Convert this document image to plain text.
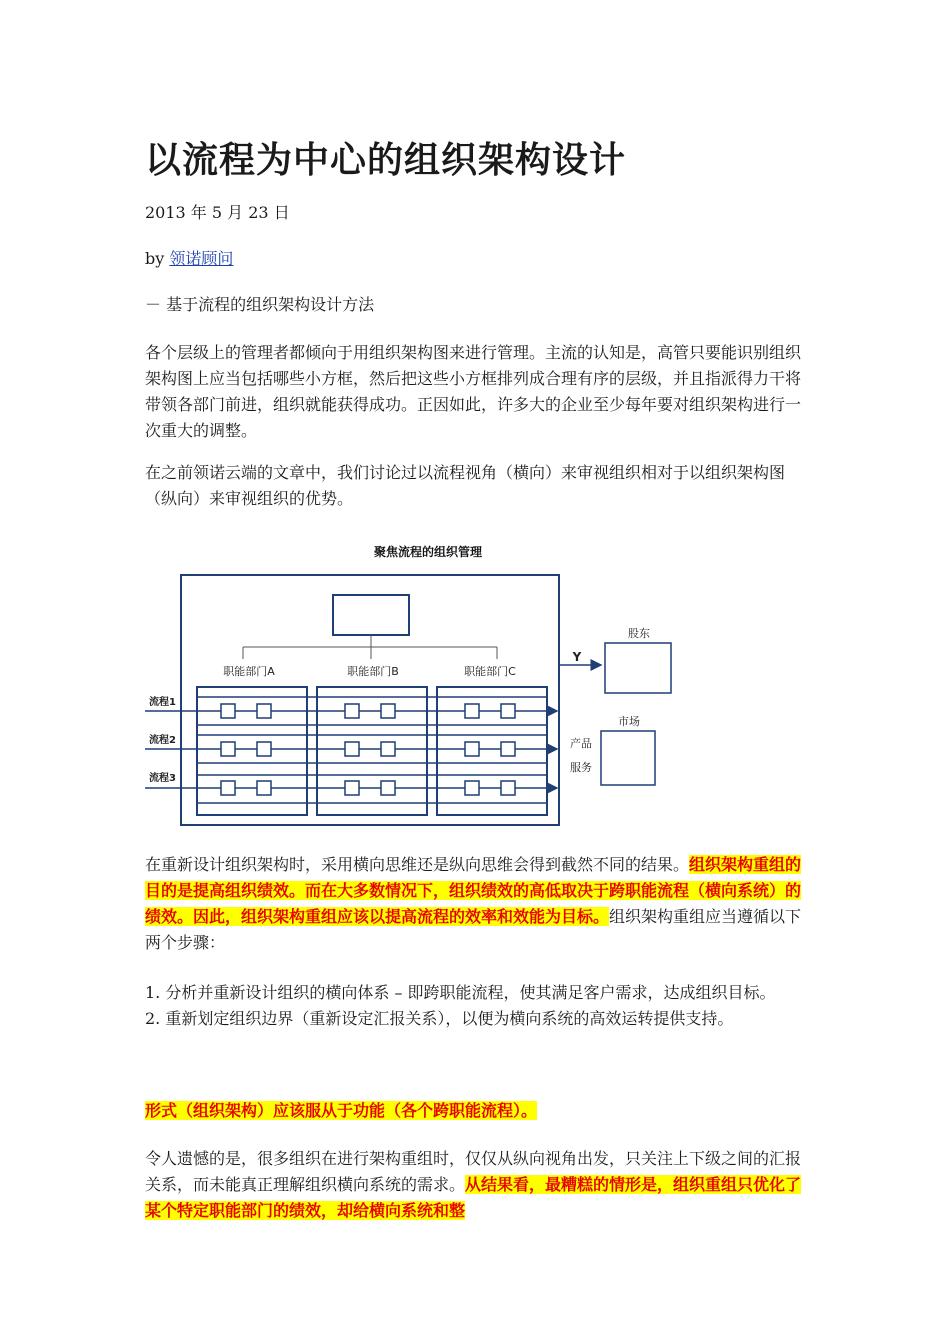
以流程为中心的组织架构设计
2013 年 5 月 23 日
by 领诺顾问
－ 基于流程的组织架构设计方法
各个层级上的管理者都倾向于用组织架构图来进行管理。主流的认知是，高管只要能识别组织架构图上应当包括哪些小方框，然后把这些小方框排列成合理有序的层级，并且指派得力干将带领各部门前进，组织就能获得成功。正因如此，许多大的企业至少每年要对组织架构进行一次重大的调整。
在之前领诺云端的文章中，我们讨论过以流程视角（横向）来审视组织相对于以组织架构图（纵向）来审视组织的优势。
聚焦流程的组织管理
职能部门A	职能部门B	职能部门C
流程1
流程2
流程3
Y
股东
市场
产品
服务
在重新设计组织架构时，采用横向思维还是纵向思维会得到截然不同的结果。组织架构重组的目的是提高组织绩效。而在大多数情况下，组织绩效的高低取决于跨职能流程（横向系统）的绩效。因此，组织架构重组应该以提高流程的效率和效能为目标。组织架构重组应当遵循以下两个步骤：
1. 分析并重新设计组织的横向体系 – 即跨职能流程，使其满足客户需求，达成组织目标。
2. 重新划定组织边界（重新设定汇报关系），以便为横向系统的高效运转提供支持。
形式（组织架构）应该服从于功能（各个跨职能流程）。
令人遗憾的是，很多组织在进行架构重组时，仅仅从纵向视角出发，只关注上下级之间的汇报关系，而未能真正理解组织横向系统的需求。从结果看，最糟糕的情形是，组织重组只优化了某个特定职能部门的绩效，却给横向系统和整
